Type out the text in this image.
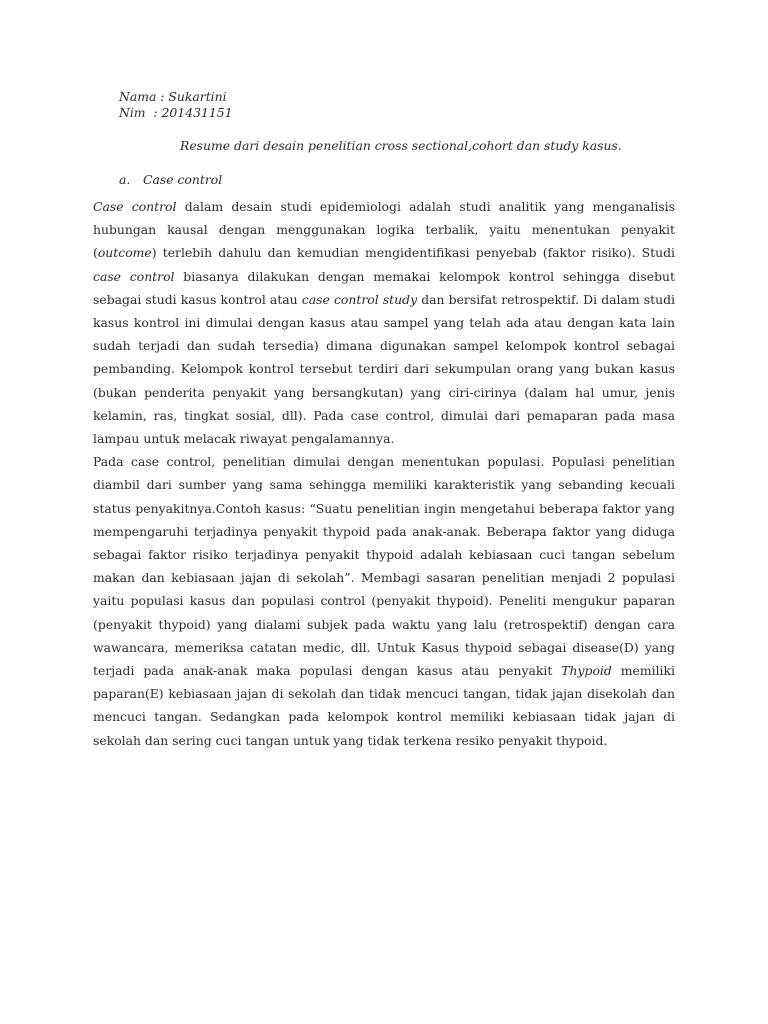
Nama : Sukartini
Nim  : 201431151
Resume dari desain penelitian cross sectional,cohort dan study kasus.
a. Case control

Case control dalam desain studi epidemiologi adalah studi analitik yang menganalisis hubungan kausal dengan menggunakan logika terbalik, yaitu menentukan penyakit (outcome) terlebih dahulu dan kemudian mengidentifikasi penyebab (faktor risiko). Studi case control biasanya dilakukan dengan memakai kelompok kontrol sehingga disebut sebagai studi kasus kontrol atau case control study dan bersifat retrospektif. Di dalam studi kasus kontrol ini dimulai dengan kasus atau sampel yang telah ada atau dengan kata lain sudah terjadi dan sudah tersedia) dimana digunakan sampel kelompok kontrol sebagai pembanding. Kelompok kontrol tersebut terdiri dari sekumpulan orang yang bukan kasus (bukan penderita penyakit yang bersangkutan) yang ciri-cirinya (dalam hal umur, jenis kelamin, ras, tingkat sosial, dll). Pada case control, dimulai dari pemaparan pada masa lampau untuk melacak riwayat pengalamannya.

Pada case control, penelitian dimulai dengan menentukan populasi. Populasi penelitian diambil dari sumber yang sama sehingga memiliki karakteristik yang sebanding kecuali status penyakitnya.Contoh kasus: “Suatu penelitian ingin mengetahui beberapa faktor yang mempengaruhi terjadinya penyakit thypoid pada anak-anak. Beberapa faktor yang diduga sebagai faktor risiko terjadinya penyakit thypoid adalah kebiasaan cuci tangan sebelum makan dan kebiasaan jajan di sekolah”. Membagi sasaran penelitian menjadi 2 populasi yaitu populasi kasus dan populasi control (penyakit thypoid). Peneliti mengukur paparan (penyakit thypoid) yang dialami subjek pada waktu yang lalu (retrospektif) dengan cara wawancara, memeriksa catatan medic, dll. Untuk Kasus thypoid sebagai disease(D) yang terjadi pada anak-anak maka populasi dengan kasus atau penyakit Thypoid memiliki paparan(E) kebiasaan jajan di sekolah dan tidak mencuci tangan, tidak jajan disekolah dan mencuci tangan. Sedangkan pada kelompok kontrol memiliki kebiasaan tidak jajan di sekolah dan sering cuci tangan untuk yang tidak terkena resiko penyakit thypoid.
